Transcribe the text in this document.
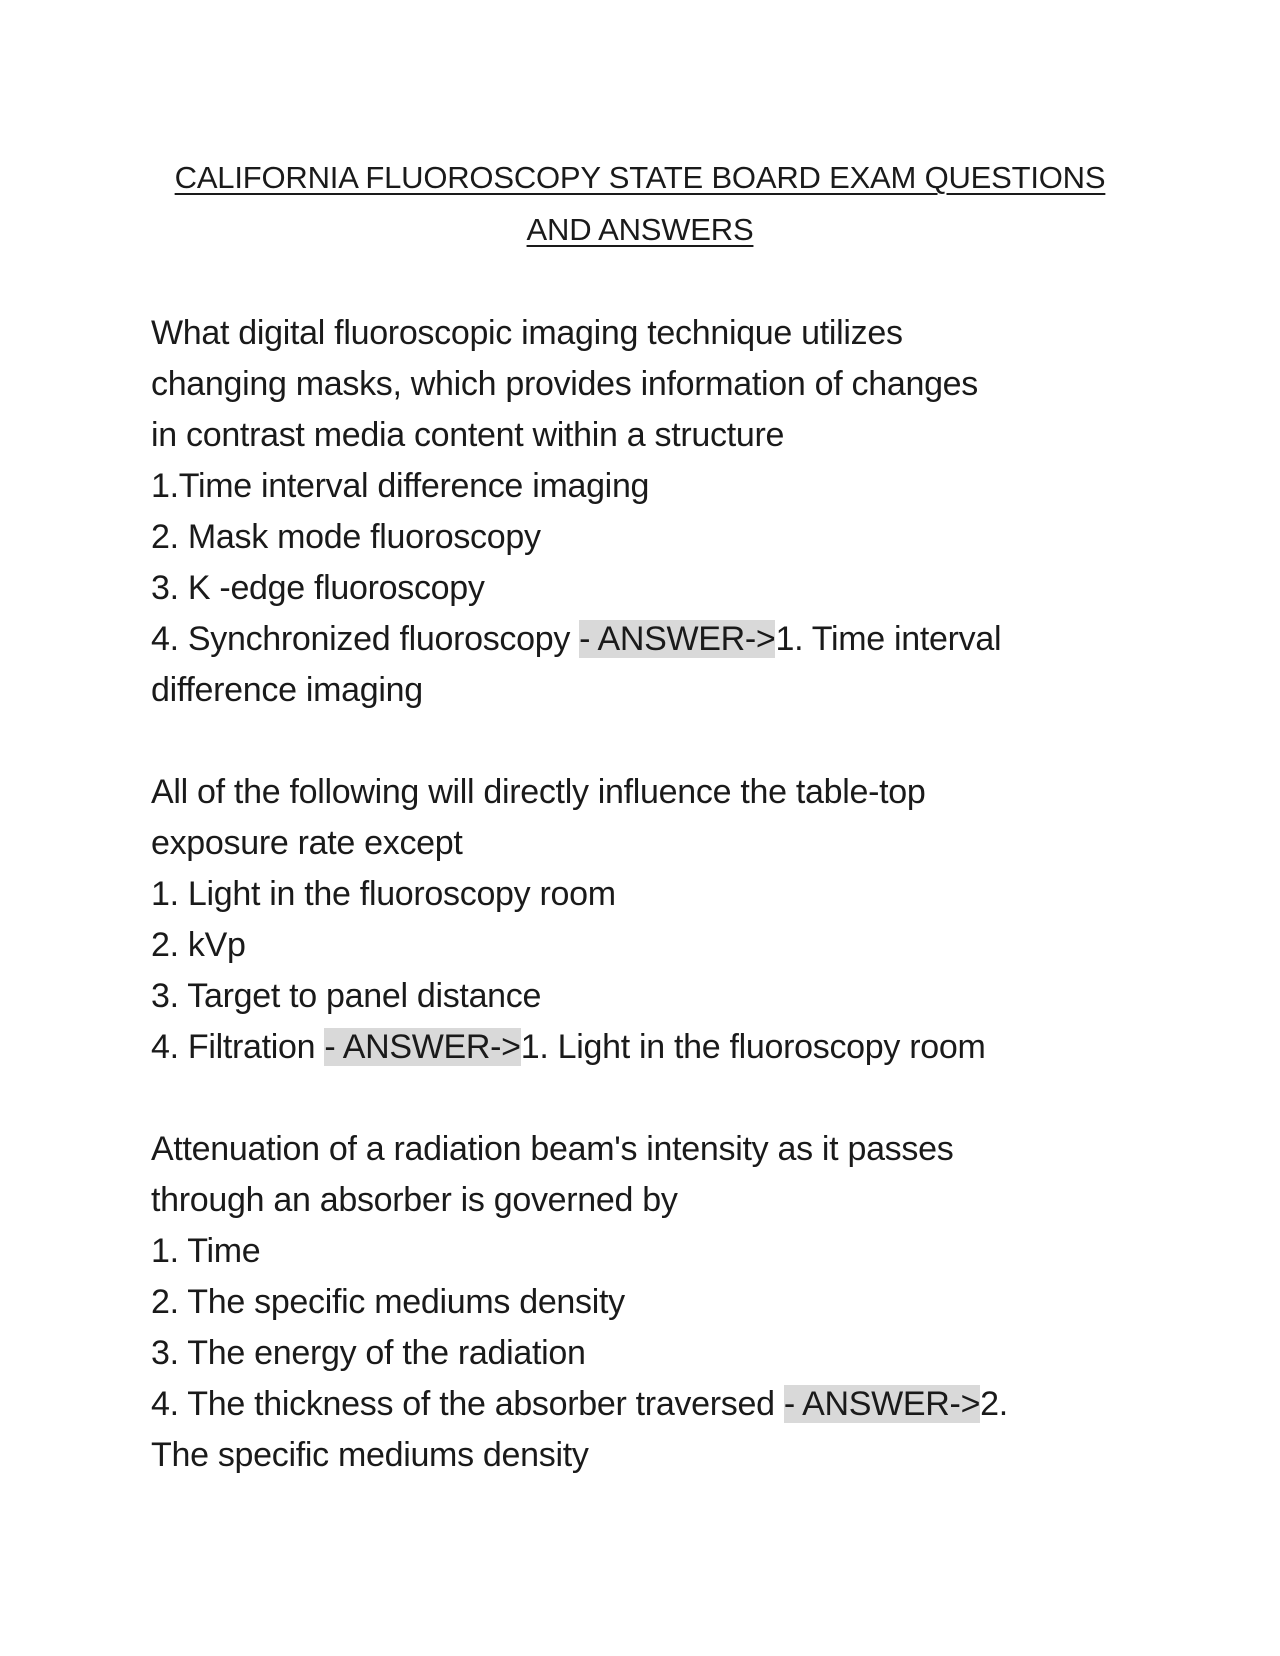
CALIFORNIA FLUOROSCOPY STATE BOARD EXAM QUESTIONS
AND ANSWERS
What digital fluoroscopic imaging technique utilizes
changing masks, which provides information of changes
in contrast media content within a structure
1.Time interval difference imaging
2. Mask mode fluoroscopy
3. K -edge fluoroscopy
4. Synchronized fluoroscopy - ANSWER->1. Time interval
difference imaging
All of the following will directly influence the table-top
exposure rate except
1. Light in the fluoroscopy room
2. kVp
3. Target to panel distance
4. Filtration - ANSWER->1. Light in the fluoroscopy room
Attenuation of a radiation beam's intensity as it passes
through an absorber is governed by
1. Time
2. The specific mediums density
3. The energy of the radiation
4. The thickness of the absorber traversed - ANSWER->2.
The specific mediums density
